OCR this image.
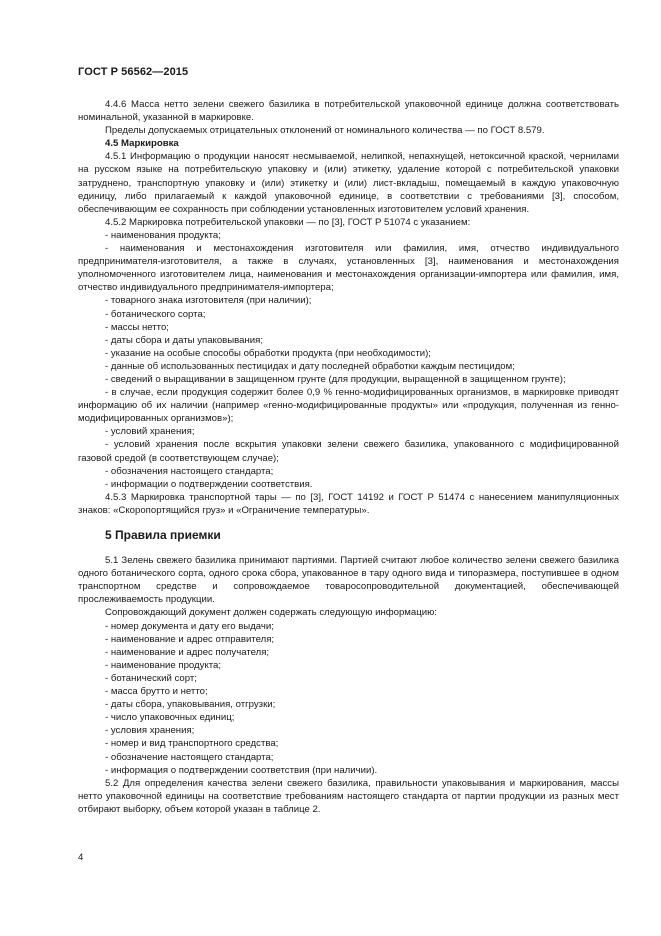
ГОСТ Р 56562—2015

4.4.6 Масса нетто зелени свежего базилика в потребительской упаковочной единице должна соответствовать номинальной, указанной в маркировке.

Пределы допускаемых отрицательных отклонений от номинального количества — по ГОСТ 8.579.

4.5 Маркировка

4.5.1 Информацию о продукции наносят несмываемой, нелипкой, непахнущей, нетоксичной краской, чернилами на русском языке на потребительскую упаковку и (или) этикетку, удаление которой с потребительской упаковки затруднено, транспортную упаковку и (или) этикетку и (или) лист-вкладыш, помещаемый в каждую упаковочную единицу, либо прилагаемый к каждой упаковочной единице, в соответствии с требованиями [3], способом, обеспечивающим ее сохранность при соблюдении установленных изготовителем условий хранения.

4.5.2 Маркировка потребительской упаковки — по [3], ГОСТ Р 51074 с указанием:

- наименования продукта;

- наименования и местонахождения изготовителя или фамилия, имя, отчество индивидуального предпринимателя-изготовителя, а также в случаях, установленных [3], наименования и местонахождения уполномоченного изготовителем лица, наименования и местонахождения организации-импортера или фамилия, имя, отчество индивидуального предпринимателя-импортера;

- товарного знака изготовителя (при наличии);

- ботанического сорта;

- массы нетто;

- даты сбора и даты упаковывания;

- указание на особые способы обработки продукта (при необходимости);

- данные об использованных пестицидах и дату последней обработки каждым пестицидом;

- сведений о выращивании в защищенном грунте (для продукции, выращенной в защищенном грунте);

- в случае, если продукция содержит более 0,9 % генно-модифицированных организмов, в маркировке приводят информацию об их наличии (например «генно-модифицированные продукты» или «продукция, полученная из генно-модифицированных организмов»);

- условий хранения;

- условий хранения после вскрытия упаковки зелени свежего базилика, упакованного с модифицированной газовой средой (в соответствующем случае);

- обозначения настоящего стандарта;

- информации о подтверждении соответствия.

4.5.3 Маркировка транспортной тары — по [3], ГОСТ 14192 и ГОСТ Р 51474 с нанесением манипуляционных знаков: «Скоропортящийся груз» и «Ограничение температуры».

5 Правила приемки

5.1 Зелень свежего базилика принимают партиями. Партией считают любое количество зелени свежего базилика одного ботанического сорта, одного срока сбора, упакованное в тару одного вида и типоразмера, поступившее в одном транспортном средстве и сопровождаемое товаросопроводительной документацией, обеспечивающей прослеживаемость продукции.

Сопровождающий документ должен содержать следующую информацию:

- номер документа и дату его выдачи;

- наименование и адрес отправителя;

- наименование и адрес получателя;

- наименование продукта;

- ботанический сорт;

- масса брутто и нетто;

- даты сбора, упаковывания, отгрузки;

- число упаковочных единиц;

- условия хранения;

- номер и вид транспортного средства;

- обозначение настоящего стандарта;

- информация о подтверждении соответствия (при наличии).

5.2 Для определения качества зелени свежего базилика, правильности упаковывания и маркирования, массы нетто упаковочной единицы на соответствие требованиям настоящего стандарта от партии продукции из разных мест отбирают выборку, объем которой указан в таблице 2.

4
